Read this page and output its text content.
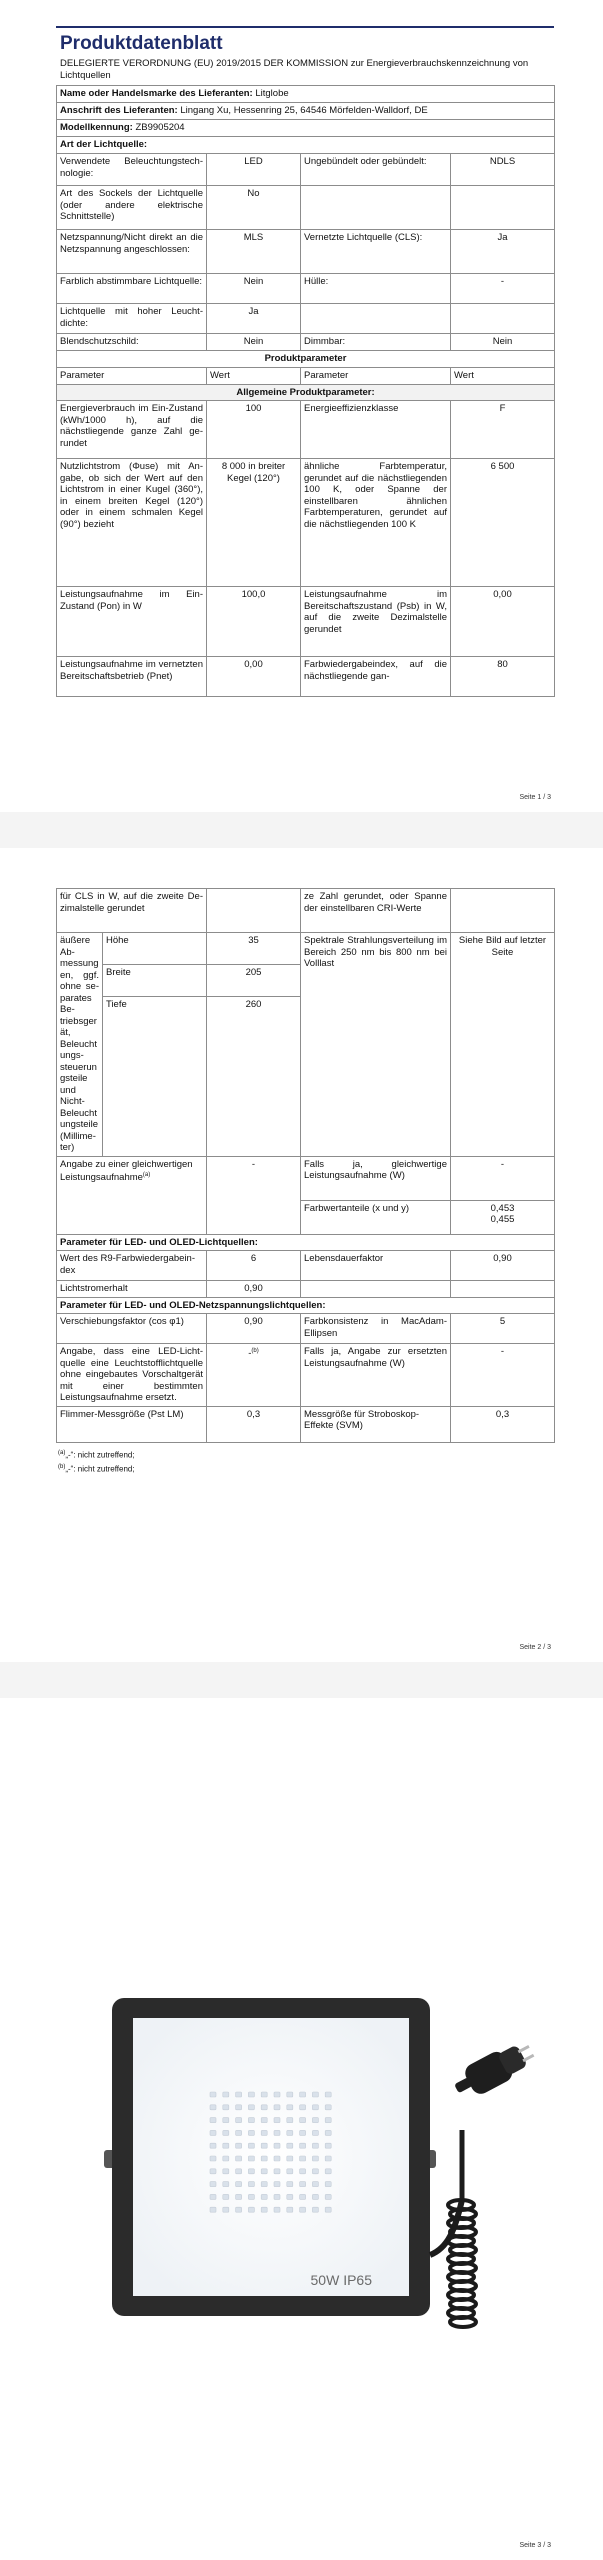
Produktdatenblatt
DELEGIERTE VERORDNUNG (EU) 2019/2015 DER KOMMISSION zur Energieverbrauchskennzeichnung von Lichtquellen
Name oder Handelsmarke des Lieferanten: Litglobe			
Anschrift des Lieferanten: Lingang Xu, Hessenring 25, 64546 Mörfelden-Walldorf, DE			
Modellkennung: ZB9905204			
Art der Lichtquelle:			
Verwendete Beleuchtungstechnologie:	LED	Ungebündelt oder gebündelt:	NDLS
Art des Sockels der Lichtquelle (oder andere elektrische Schnittstelle)	No		
Netzspannung/Nicht direkt an die Netzspannung angeschlossen:	MLS	Vernetzte Lichtquelle (CLS):	Ja
Farblich abstimmbare Lichtquelle:	Nein	Hülle:	-
Lichtquelle mit hoher Leuchtdichte:	Ja		
Blendschutzschild:	Nein	Dimmbar:	Nein
Produktparameter			
Parameter	Wert	Parameter	Wert
Allgemeine Produktparameter:			
Energieverbrauch im Ein-Zustand (kWh/1000 h), auf die nächstliegende ganze Zahl gerundet	100	Energieeffizienzklasse	F
Nutzlichtstrom (Φuse) mit Angabe, ob sich der Wert auf den Lichtstrom in einer Kugel (360°), in einem breiten Kegel (120°) oder in einem schmalen Kegel (90°) bezieht	8 000 in breiter Kegel (120°)	ähnliche Farbtemperatur, gerundet auf die nächstliegenden 100 K, oder Spanne der einstellbaren ähnlichen Farbtemperaturen, gerundet auf die nächstliegenden 100 K	6 500
Leistungsaufnahme im Ein-Zustand (Pon) in W	100,0	Leistungsaufnahme im Bereitschaftszustand (Psb) in W, auf die zweite Dezimalstelle gerundet	0,00
Leistungsaufnahme im vernetzten Bereitschaftsbetrieb (Pnet)	0,00	Farbwiedergabeindex, auf die nächstliegende gan-	80
Seite 1 / 3
für CLS in W, auf die zweite Dezimalstelle gerundet			ze Zahl gerundet, oder Spanne der einstellbaren CRI-Werte	
äußere Abmessungen, ggf. ohne separates Betriebsgerät, Beleuchtungssteuerungsteile und Nicht-Beleuchtungsteile (Millimeter)	Höhe	35	Spektrale Strahlungsverteilung im Bereich 250 nm bis 800 nm bei Volllast	Siehe Bild auf letzter Seite
	Breite	205		
	Tiefe	260		
Angabe zu einer gleichwertigen Leistungsaufnahme$^{(a)}$		-	Falls ja, gleichwertige Leistungsaufnahme (W)	-
			Farbwertanteile (x und y)	0,453
0,455

Parameter für LED- und OLED-Lichtquellen:				
Wert des R9-Farbwiedergabeindex		6	Lebensdauerfaktor	0,90
Lichtstromerhalt		0,90		
Parameter für LED- und OLED-Netzspannungslichtquellen:				
Verschiebungsfaktor (cos φ1)		0,90	Farbkonsistenz in MacAdam-Ellipsen	5
Angabe, dass eine LED-Lichtquelle eine Leuchtstofflichtquelle ohne eingebautes Vorschaltgerät mit einer bestimmten Leistungsaufnahme ersetzt.		-$^{(b)}$	Falls ja, Angabe zur ersetzten Leistungsaufnahme (W)	-
Flimmer-Messgröße (Pst LM)		0,3	Messgröße für Stroboskop-Effekte (SVM)	0,3
$^{(a)}$„-“: nicht zutreffend;
$^{(b)}$„-“: nicht zutreffend;
Seite 2 / 3
50W IP65
Seite 3 / 3
